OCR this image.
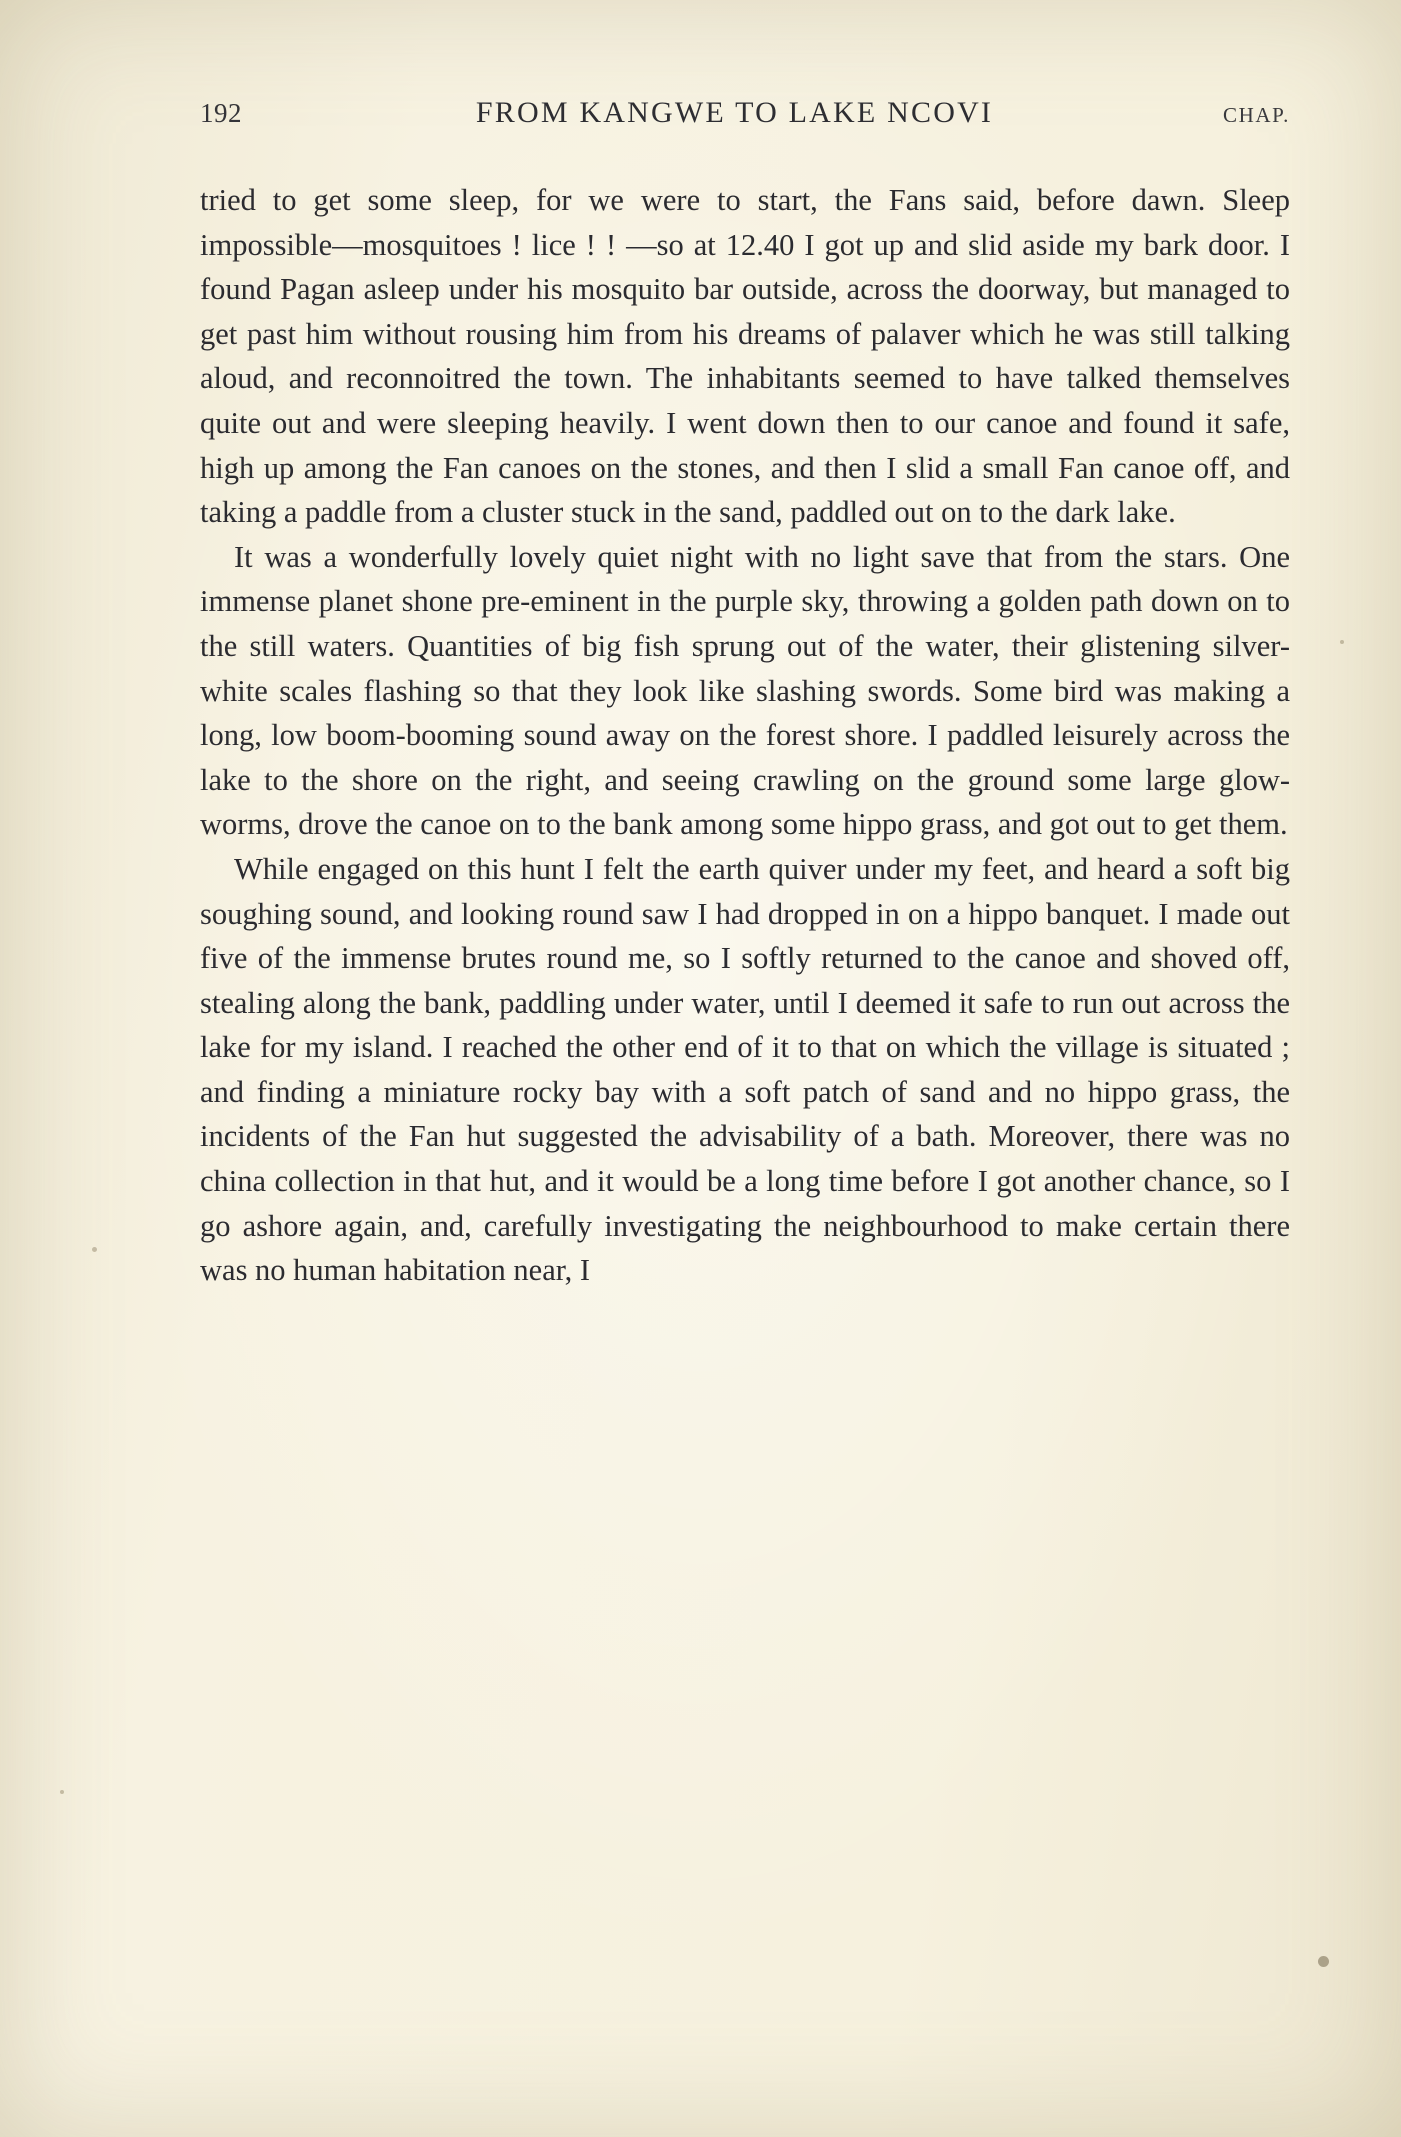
192	FROM KANGWE TO LAKE NCOVI	CHAP.

tried to get some sleep, for we were to start, the Fans said, before dawn. Sleep impossible—mosquitoes ! lice ! ! —so at 12.40 I got up and slid aside my bark door. I found Pagan asleep under his mosquito bar outside, across the doorway, but managed to get past him without rousing him from his dreams of palaver which he was still talking aloud, and reconnoitred the town. The inhabitants seemed to have talked themselves quite out and were sleeping heavily. I went down then to our canoe and found it safe, high up among the Fan canoes on the stones, and then I slid a small Fan canoe off, and taking a paddle from a cluster stuck in the sand, paddled out on to the dark lake.

It was a wonderfully lovely quiet night with no light save that from the stars. One immense planet shone pre-eminent in the purple sky, throwing a golden path down on to the still waters. Quantities of big fish sprung out of the water, their glistening silver-white scales flashing so that they look like slashing swords. Some bird was making a long, low boom-booming sound away on the forest shore. I paddled leisurely across the lake to the shore on the right, and seeing crawling on the ground some large glow-worms, drove the canoe on to the bank among some hippo grass, and got out to get them.

While engaged on this hunt I felt the earth quiver under my feet, and heard a soft big soughing sound, and looking round saw I had dropped in on a hippo banquet. I made out five of the immense brutes round me, so I softly returned to the canoe and shoved off, stealing along the bank, paddling under water, until I deemed it safe to run out across the lake for my island. I reached the other end of it to that on which the village is situated ; and finding a miniature rocky bay with a soft patch of sand and no hippo grass, the incidents of the Fan hut suggested the advisability of a bath. Moreover, there was no china collection in that hut, and it would be a long time before I got another chance, so I go ashore again, and, carefully investigating the neighbourhood to make certain there was no human habitation near, I
